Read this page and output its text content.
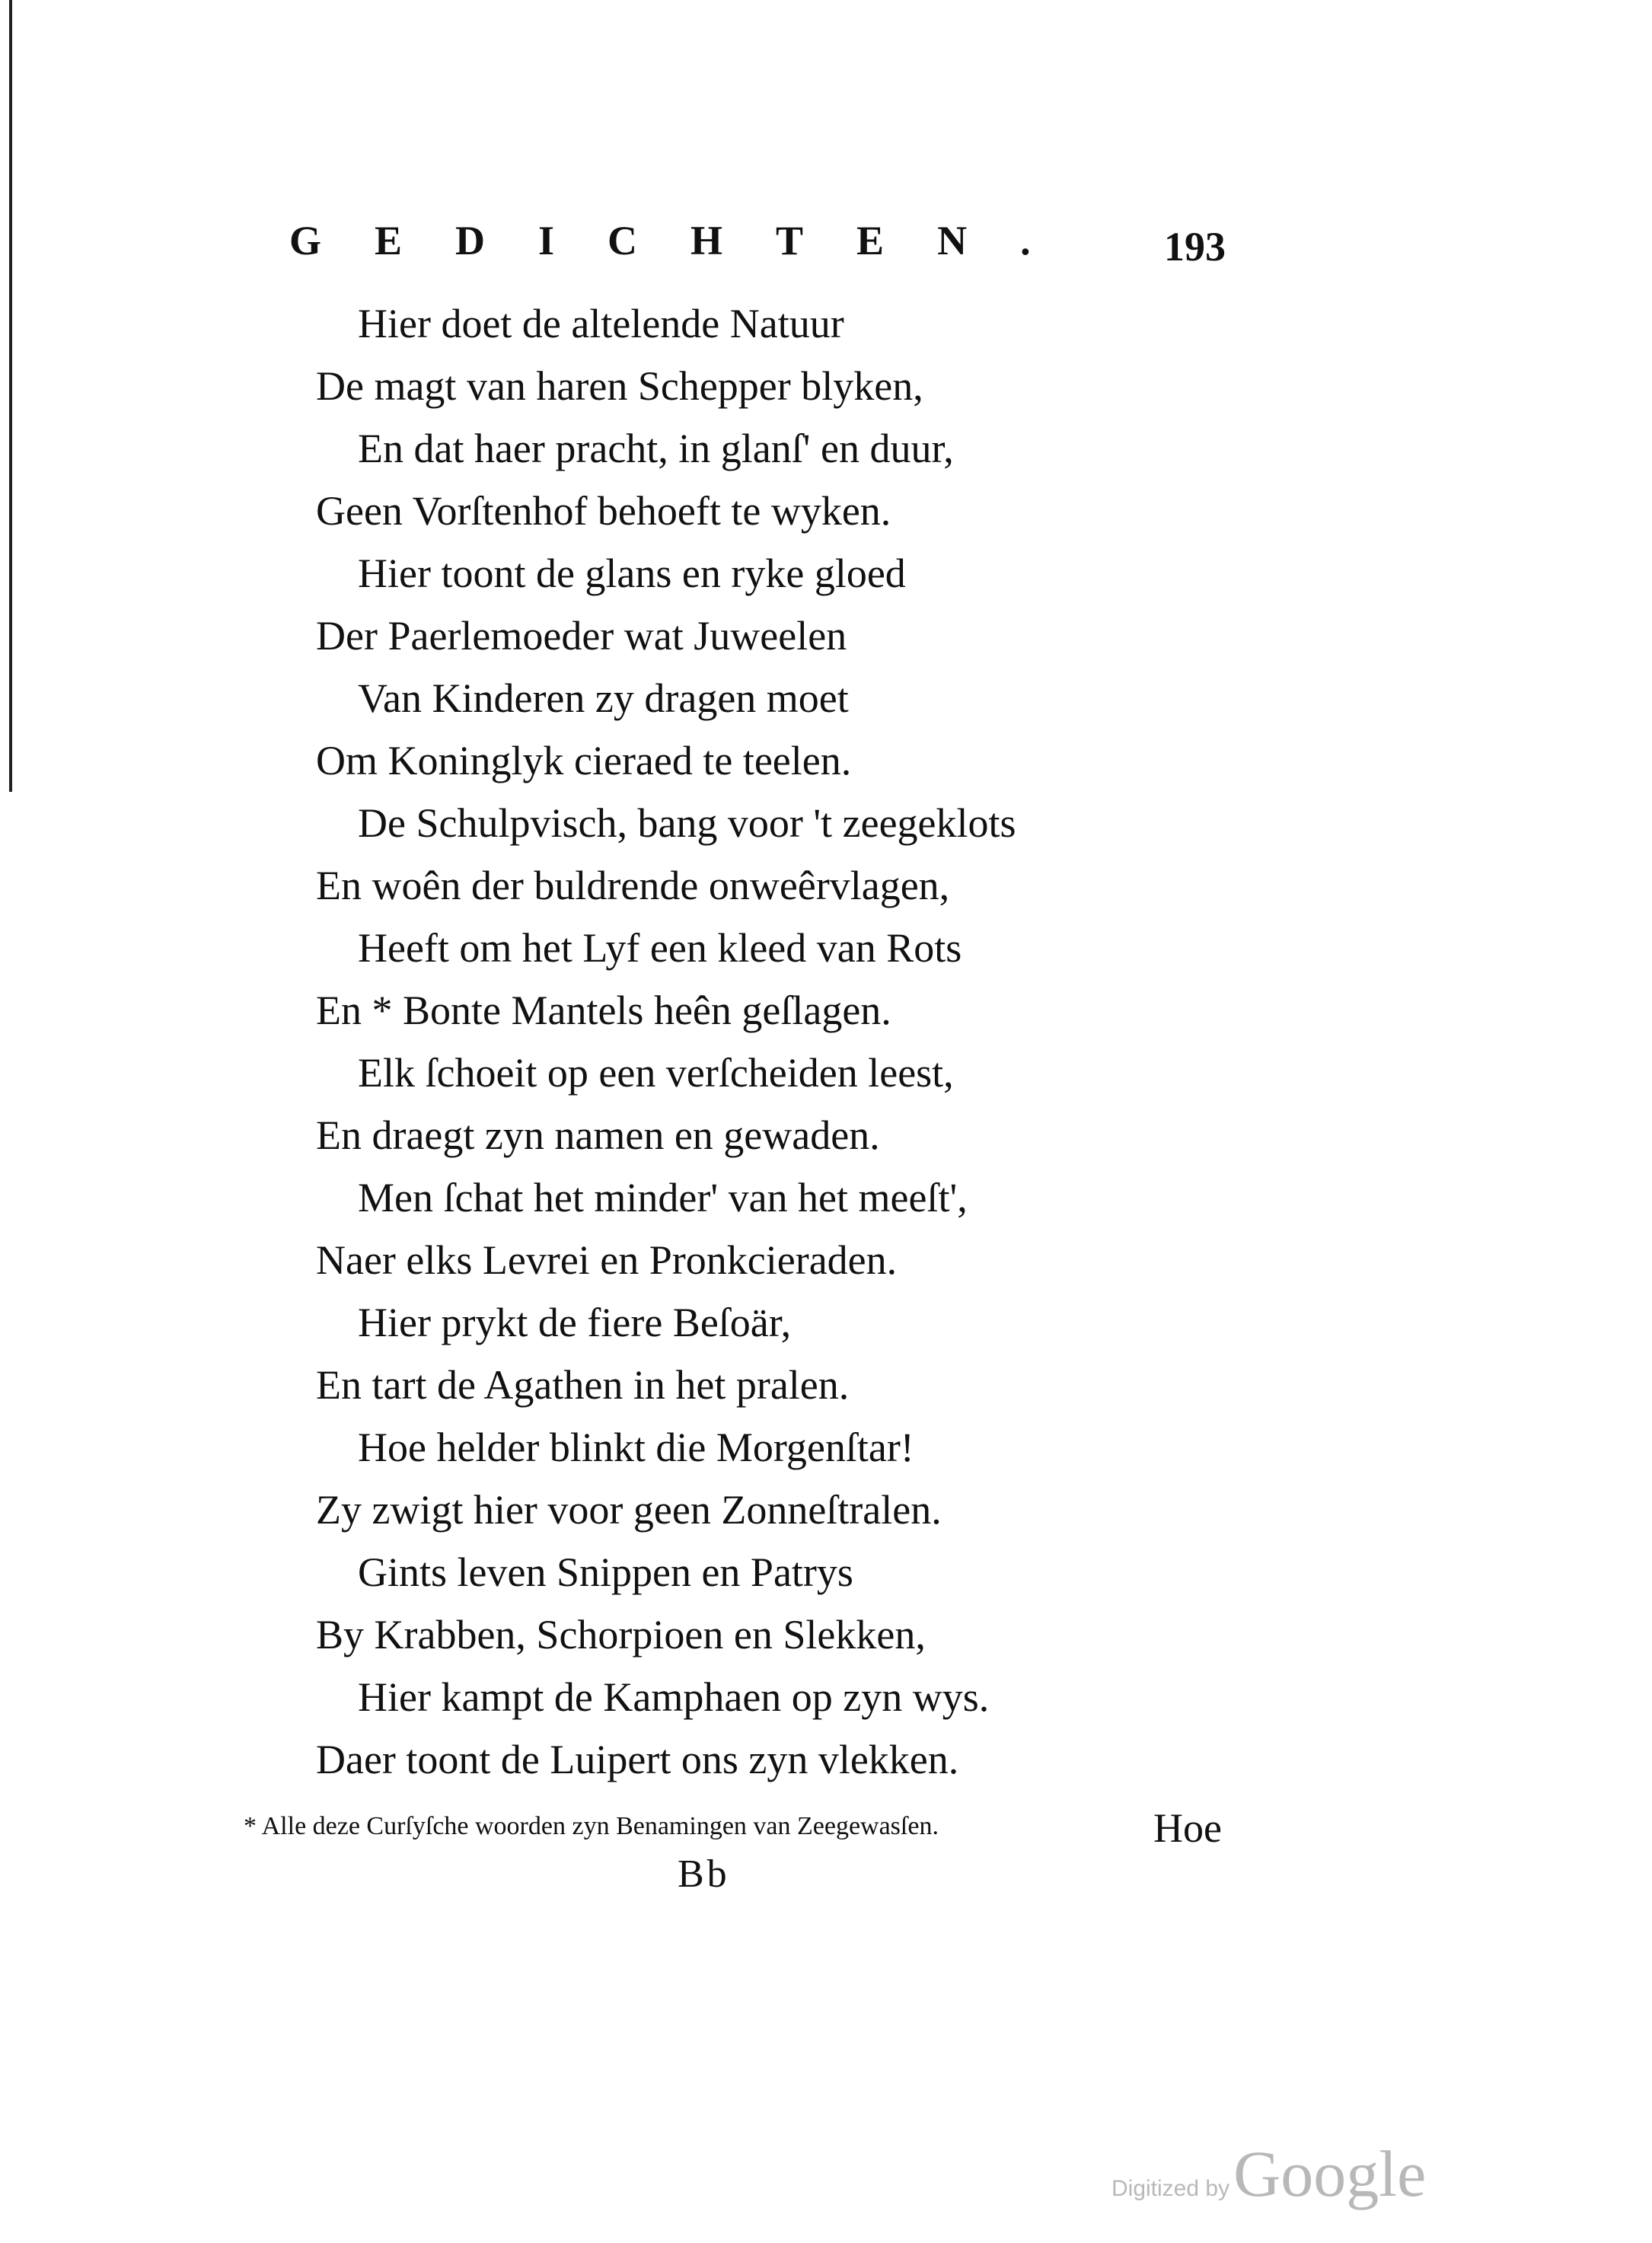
GEDICHTEN. 193
Hier doet de altelende Natuur
De magt van haren Schepper blyken,
En dat haer pracht, in glanſ' en duur,
Geen Vorſtenhof behoeft te wyken.
Hier toont de glans en ryke gloed
Der Paerlemoeder wat Juweelen
Van Kinderen zy dragen moet
Om Koninglyk cieraed te teelen.
De Schulpvisch, bang voor 't zeegeklots
En woên der buldrende onweêrvlagen,
Heeft om het Lyf een kleed van Rots
En * Bonte Mantels heên geſlagen.
Elk ſchoeit op een verſcheiden leest,
En draegt zyn namen en gewaden.
Men ſchat het minder' van het meeſt',
Naer elks Levrei en Pronkcieraden.
Hier prykt de fiere Beſoär,
En tart de Agathen in het pralen.
Hoe helder blinkt die Morgenſtar!
Zy zwigt hier voor geen Zonneſtralen.
Gints leven Snippen en Patrys
By Krabben, Schorpioen en Slekken,
Hier kampt de Kamphaen op zyn wys.
Daer toont de Luipert ons zyn vlekken.
* Alle deze Curſyſche woorden zyn Benamingen van Zeegewasſen.	Hoe
Bb
Digitized by Google
